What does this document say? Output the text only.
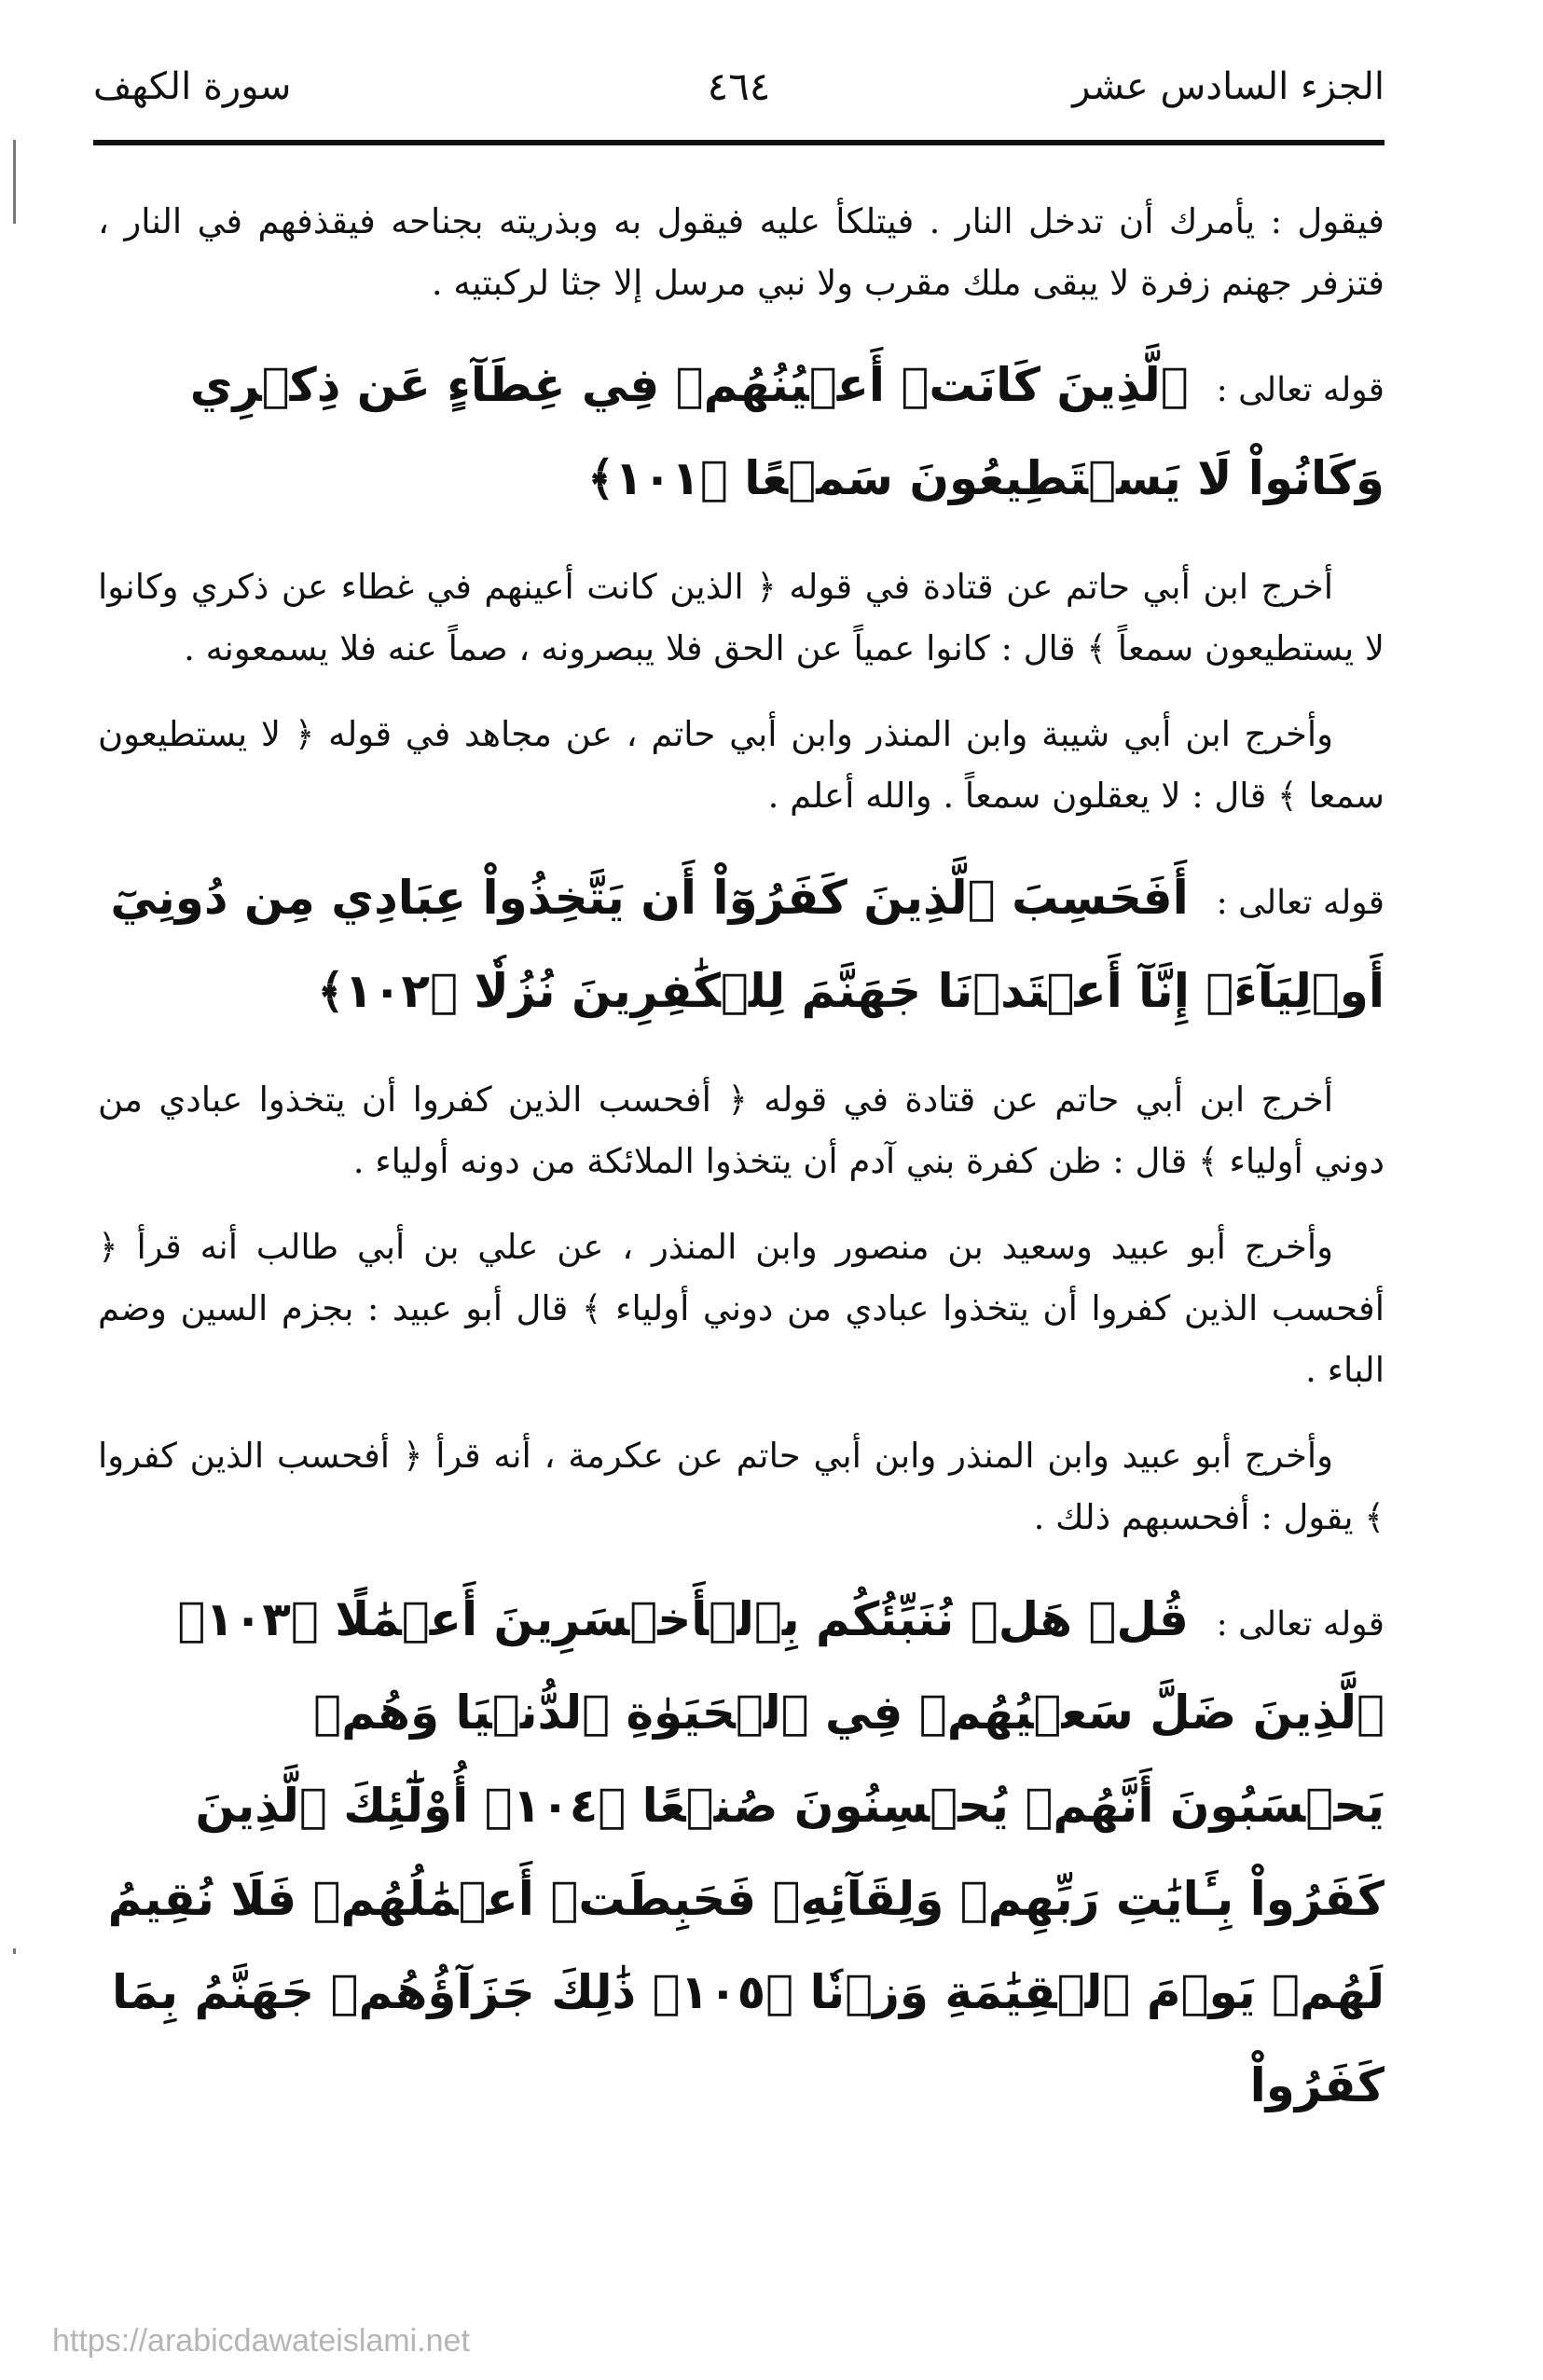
الجزء السادس عشر
٤٦٤
سورة الكهف

فيقول : يأمرك أن تدخل النار . فيتلكأ عليه فيقول به وبذريته بجناحه فيقذفهم في النار ، فتزفر جهنم زفرة لا يبقى ملك مقرب ولا نبي مرسل إلا جثا لركبتيه .

قوله تعالى : ٱلَّذِينَ كَانَتۡ أَعۡيُنُهُمۡ فِي غِطَآءٍ عَن ذِكۡرِي وَكَانُواْ لَا يَسۡتَطِيعُونَ سَمۡعًا ﴿١٠١﴾

أخرج ابن أبي حاتم عن قتادة في قوله ﴿ الذين كانت أعينهم في غطاء عن ذكري وكانوا لا يستطيعون سمعاً ﴾ قال : كانوا عمياً عن الحق فلا يبصرونه ، صماً عنه فلا يسمعونه .

وأخرج ابن أبي شيبة وابن المنذر وابن أبي حاتم ، عن مجاهد في قوله ﴿ لا يستطيعون سمعا ﴾ قال : لا يعقلون سمعاً . والله أعلم .

قوله تعالى : أَفَحَسِبَ ٱلَّذِينَ كَفَرُوٓاْ أَن يَتَّخِذُواْ عِبَادِي مِن دُونِيٓ أَوۡلِيَآءَۚ إِنَّآ أَعۡتَدۡنَا جَهَنَّمَ لِلۡكَٰفِرِينَ نُزُلٗا ﴿١٠٢﴾

أخرج ابن أبي حاتم عن قتادة في قوله ﴿ أفحسب الذين كفروا أن يتخذوا عبادي من دوني أولياء ﴾ قال : ظن كفرة بني آدم أن يتخذوا الملائكة من دونه أولياء .

وأخرج أبو عبيد وسعيد بن منصور وابن المنذر ، عن علي بن أبي طالب أنه قرأ ﴿ أفحسب الذين كفروا أن يتخذوا عبادي من دوني أولياء ﴾ قال أبو عبيد : بجزم السين وضم الباء .

وأخرج أبو عبيد وابن المنذر وابن أبي حاتم عن عكرمة ، أنه قرأ ﴿ أفحسب الذين كفروا ﴾ يقول : أفحسبهم ذلك .

قوله تعالى : قُلۡ هَلۡ نُنَبِّئُكُم بِٱلۡأَخۡسَرِينَ أَعۡمَٰلًا ﴿١٠٣﴾ ٱلَّذِينَ ضَلَّ سَعۡيُهُمۡ فِي ٱلۡحَيَوٰةِ ٱلدُّنۡيَا وَهُمۡ يَحۡسَبُونَ أَنَّهُمۡ يُحۡسِنُونَ صُنۡعًا ﴿١٠٤﴾ أُوْلَٰٓئِكَ ٱلَّذِينَ كَفَرُواْ بِـَٔايَٰتِ رَبِّهِمۡ وَلِقَآئِهِۦ فَحَبِطَتۡ أَعۡمَٰلُهُمۡ فَلَا نُقِيمُ لَهُمۡ يَوۡمَ ٱلۡقِيَٰمَةِ وَزۡنٗا ﴿١٠٥﴾ ذَٰلِكَ جَزَآؤُهُمۡ جَهَنَّمُ بِمَا كَفَرُواْ
https://arabicdawateislami.net
